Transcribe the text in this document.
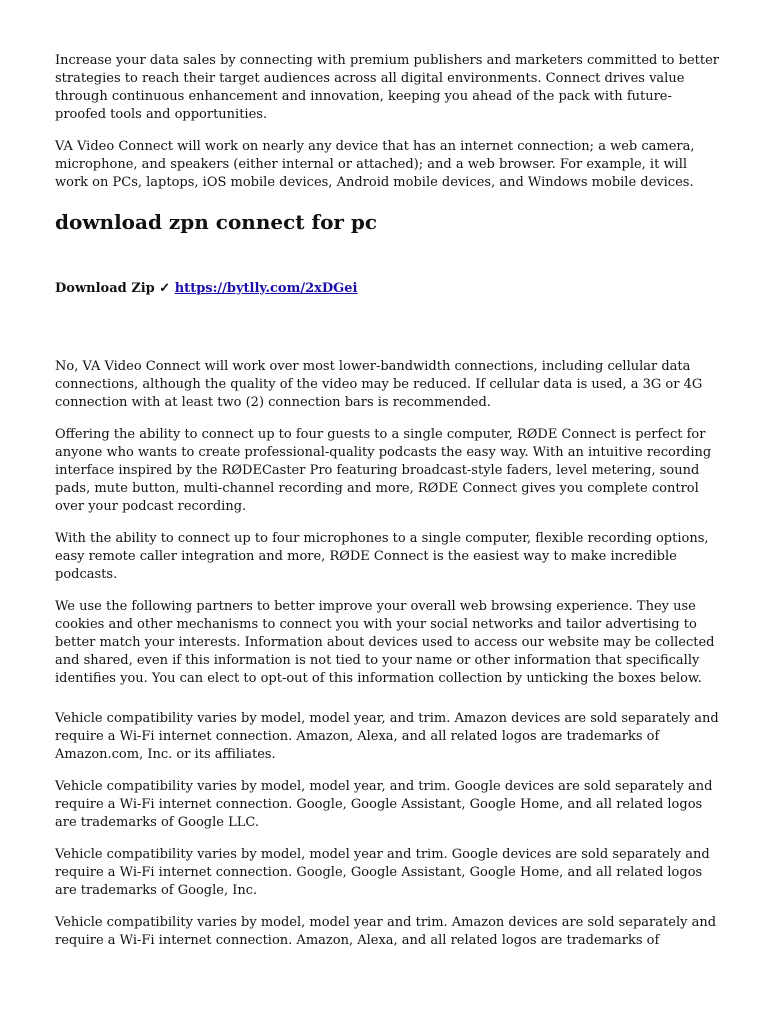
Increase your data sales by connecting with premium publishers and marketers committed to better strategies to reach their target audiences across all digital environments. Connect drives value through continuous enhancement and innovation, keeping you ahead of the pack with future-proofed tools and opportunities.

VA Video Connect will work on nearly any device that has an internet connection; a web camera, microphone, and speakers (either internal or attached); and a web browser. For example, it will work on PCs, laptops, iOS mobile devices, Android mobile devices, and Windows mobile devices.

download zpn connect for pc
Download Zip ✓ https://bytlly.com/2xDGei

No, VA Video Connect will work over most lower-bandwidth connections, including cellular data connections, although the quality of the video may be reduced. If cellular data is used, a 3G or 4G connection with at least two (2) connection bars is recommended.

Offering the ability to connect up to four guests to a single computer, RØDE Connect is perfect for anyone who wants to create professional-quality podcasts the easy way. With an intuitive recording interface inspired by the RØDECaster Pro featuring broadcast-style faders, level metering, sound pads, mute button, multi-channel recording and more, RØDE Connect gives you complete control over your podcast recording.

With the ability to connect up to four microphones to a single computer, flexible recording options, easy remote caller integration and more, RØDE Connect is the easiest way to make incredible podcasts.

We use the following partners to better improve your overall web browsing experience. They use cookies and other mechanisms to connect you with your social networks and tailor advertising to better match your interests. Information about devices used to access our website may be collected and shared, even if this information is not tied to your name or other information that specifically identifies you. You can elect to opt-out of this information collection by unticking the boxes below.

Vehicle compatibility varies by model, model year, and trim. Amazon devices are sold separately and require a Wi-Fi internet connection. Amazon, Alexa, and all related logos are trademarks of Amazon.com, Inc. or its affiliates.

Vehicle compatibility varies by model, model year, and trim. Google devices are sold separately and require a Wi-Fi internet connection. Google, Google Assistant, Google Home, and all related logos are trademarks of Google LLC.

Vehicle compatibility varies by model, model year and trim. Google devices are sold separately and require a Wi-Fi internet connection. Google, Google Assistant, Google Home, and all related logos are trademarks of Google, Inc.

Vehicle compatibility varies by model, model year and trim. Amazon devices are sold separately and require a Wi-Fi internet connection. Amazon, Alexa, and all related logos are trademarks of
